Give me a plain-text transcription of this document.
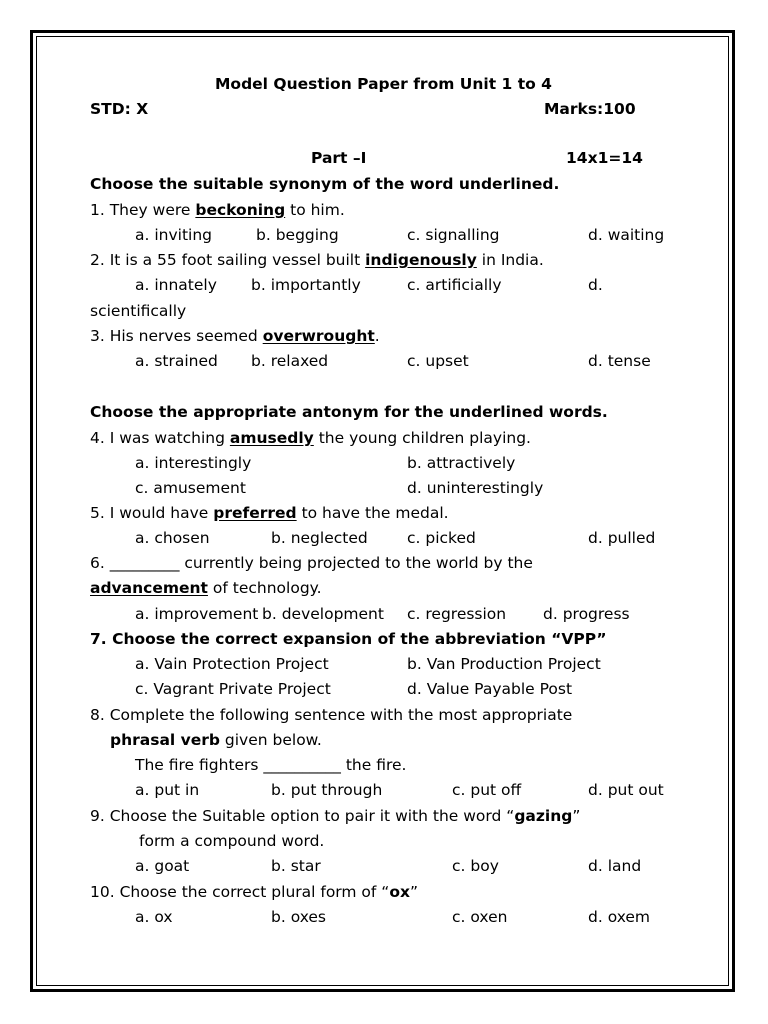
Model Question Paper from Unit 1 to 4
STD: X	Marks:100
Part –I	14x1=14
Choose the suitable synonym of the word underlined.
1. They were beckoning to him.
a. inviting	b. begging	c. signalling	d. waiting
2. It is a 55 foot sailing vessel built indigenously in India.
a. innately b. importantly	c. artificially	d.
scientifically
3. His nerves seemed overwrought.
a. strained b. relaxed	c. upset	d. tense
Choose the appropriate antonym for the underlined words.
4. I was watching amusedly the young children playing.
a. interestingly	b. attractively
c. amusement	d. uninterestingly
5. I would have preferred to have the medal.
a. chosen	b. neglected	c. picked	d. pulled
6. _________ currently being projected to the world by the
advancement of technology.
a. improvement b. development c. regression d. progress
7. Choose the correct expansion of the abbreviation “VPP”
a. Vain Protection Project	b. Van Production Project
c. Vagrant Private Project	d. Value Payable Post
8. Complete the following sentence with the most appropriate
phrasal verb given below.
The fire fighters __________ the fire.
a. put in	b. put through	c. put off	d. put out
9. Choose the Suitable option to pair it with the word “gazing”
form a compound word.
a. goat	b. star	c. boy	d. land
10. Choose the correct plural form of “ox”
a. ox	b. oxes	c. oxen	d. oxem
